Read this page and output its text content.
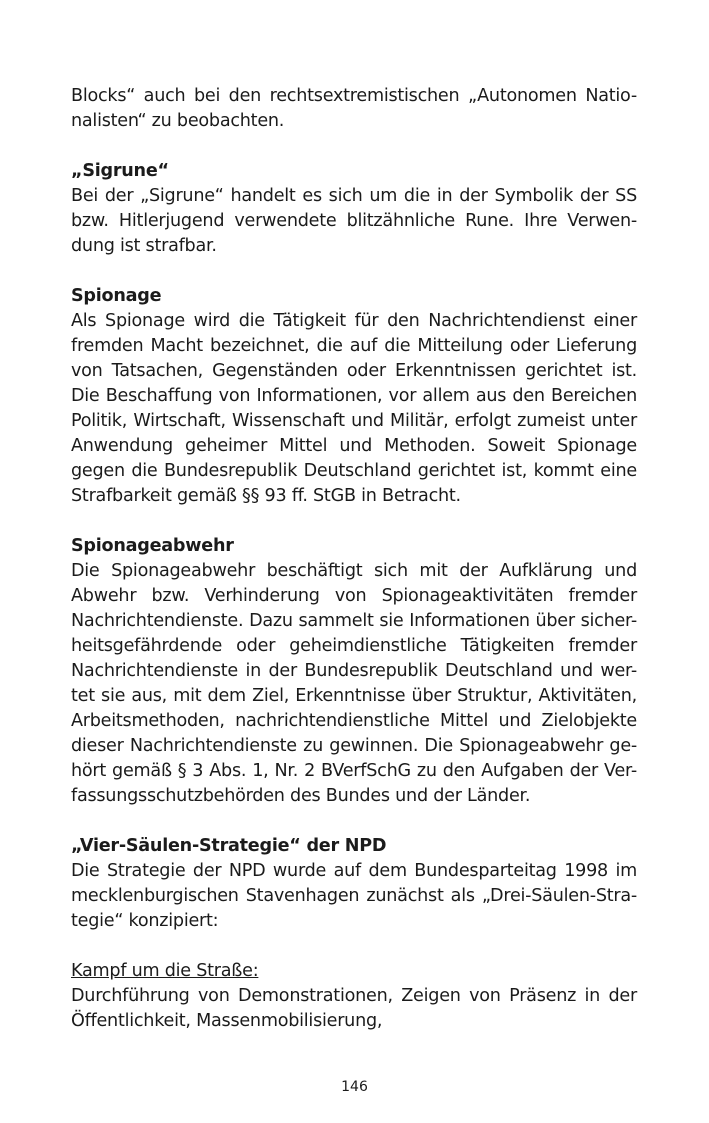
Blocks“ auch bei den rechtsextremistischen „Autonomen Natio-
nalisten“ zu beobachten.

„Sigrune“
Bei der „Sigrune“ handelt es sich um die in der Symbolik der SS
bzw. Hitlerjugend verwendete blitzähnliche Rune. Ihre Verwen-
dung ist strafbar.

Spionage
Als Spionage wird die Tätigkeit für den Nachrichtendienst einer
fremden Macht bezeichnet, die auf die Mitteilung oder Lieferung
von Tatsachen, Gegenständen oder Erkenntnissen gerichtet ist.
Die Beschaffung von Informationen, vor allem aus den Bereichen
Politik, Wirtschaft, Wissenschaft und Militär, erfolgt zumeist unter
Anwendung geheimer Mittel und Methoden. Soweit Spionage
gegen die Bundesrepublik Deutschland gerichtet ist, kommt eine
Strafbarkeit gemäß §§ 93 ff. StGB in Betracht.

Spionageabwehr
Die Spionageabwehr beschäftigt sich mit der Aufklärung und
Abwehr bzw. Verhinderung von Spionageaktivitäten fremder
Nachrichtendienste. Dazu sammelt sie Informationen über sicher-
heitsgefährdende oder geheimdienstliche Tätigkeiten fremder
Nachrichtendienste in der Bundesrepublik Deutschland und wer-
tet sie aus, mit dem Ziel, Erkenntnisse über Struktur, Aktivitäten,
Arbeitsmethoden, nachrichtendienstliche Mittel und Zielobjekte
dieser Nachrichtendienste zu gewinnen. Die Spionageabwehr ge-
hört gemäß § 3 Abs. 1, Nr. 2 BVerfSchG zu den Aufgaben der Ver-
fassungsschutzbehörden des Bundes und der Länder.

„Vier-Säulen-Strategie“ der NPD
Die Strategie der NPD wurde auf dem Bundesparteitag 1998 im
mecklenburgischen Stavenhagen zunächst als „Drei-Säulen-Stra-
tegie“ konzipiert:

Kampf um die Straße:
Durchführung von Demonstrationen, Zeigen von Präsenz in der
Öffentlichkeit, Massenmobilisierung,

146
